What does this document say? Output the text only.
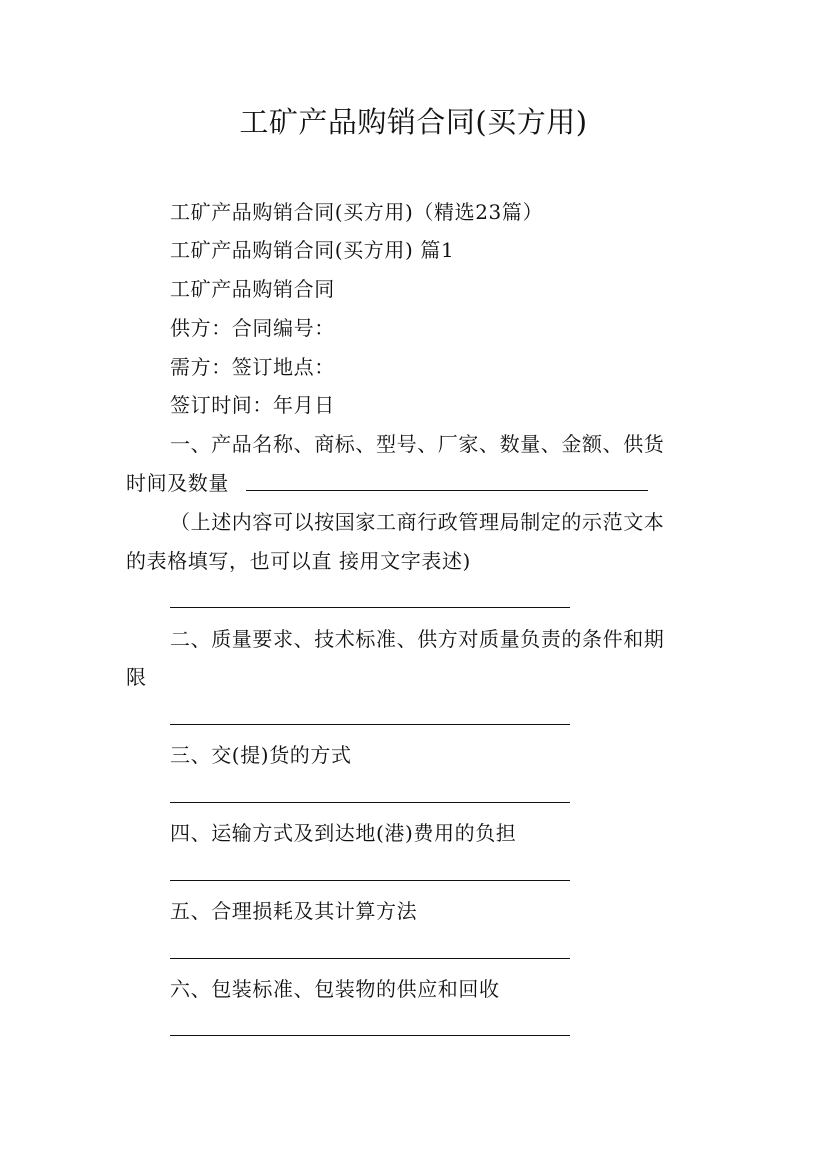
工矿产品购销合同(买方用)
工矿产品购销合同(买方用)（精选23篇）
工矿产品购销合同(买方用) 篇1
工矿产品购销合同
供方：合同编号：
需方：签订地点：
签订时间：年月日
一、产品名称、商标、型号、厂家、数量、金额、供货
时间及数量
（上述内容可以按国家工商行政管理局制定的示范文本
的表格填写，也可以直 接用文字表述)
二、质量要求、技术标准、供方对质量负责的条件和期
限
三、交(提)货的方式
四、运输方式及到达地(港)费用的负担
五、合理损耗及其计算方法
六、包装标准、包装物的供应和回收
